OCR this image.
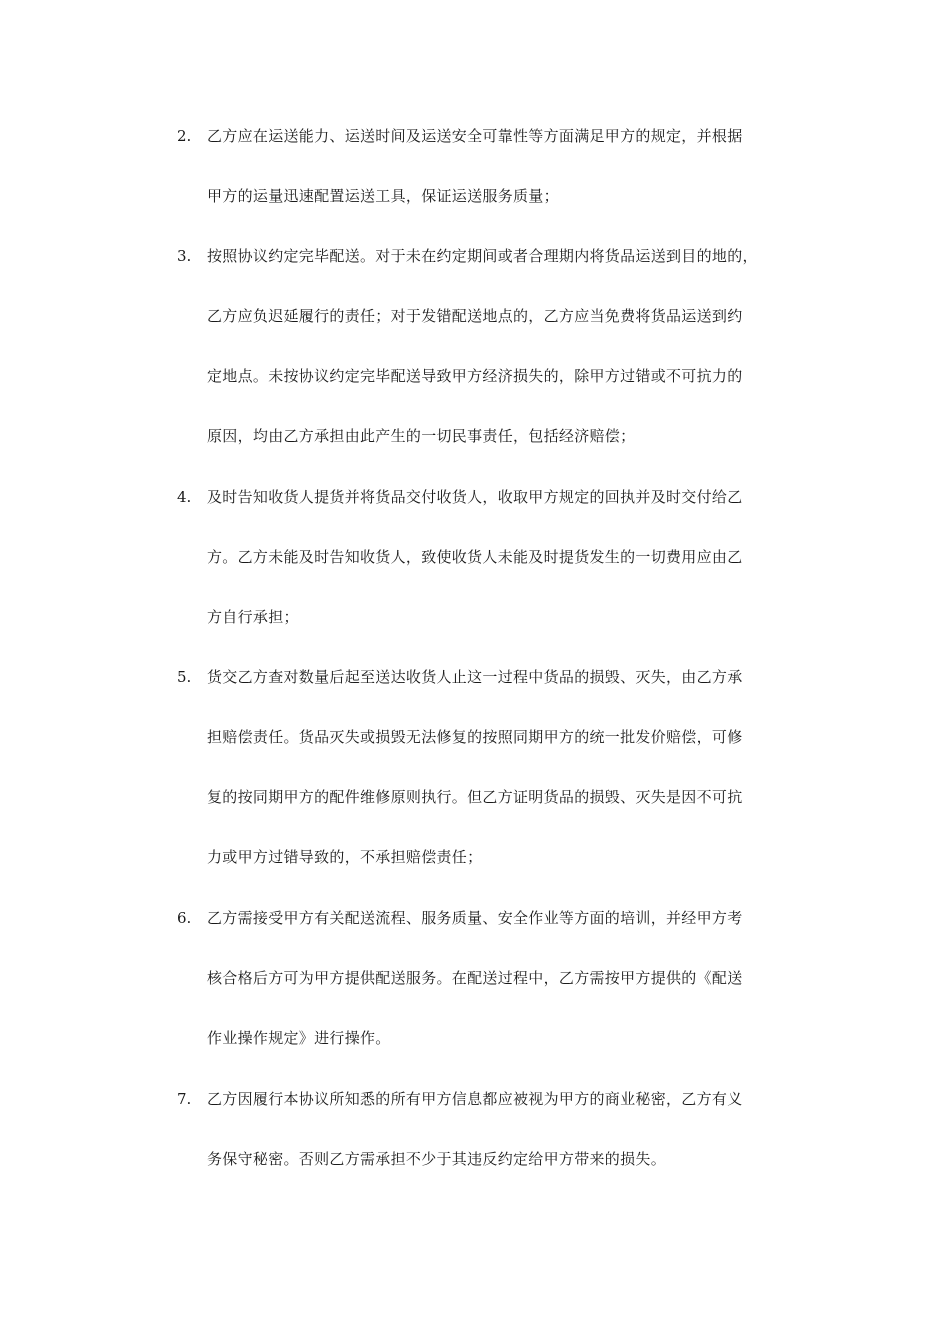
2. 乙方应在运送能力、运送时间及运送安全可靠性等方面满足甲方的规定，并根据
甲方的运量迅速配置运送工具，保证运送服务质量；
3. 按照协议约定完毕配送。对于未在约定期间或者合理期内将货品运送到目的地的，
乙方应负迟延履行的责任；对于发错配送地点的，乙方应当免费将货品运送到约
定地点。未按协议约定完毕配送导致甲方经济损失的，除甲方过错或不可抗力的
原因，均由乙方承担由此产生的一切民事责任，包括经济赔偿；
4. 及时告知收货人提货并将货品交付收货人，收取甲方规定的回执并及时交付给乙
方。乙方未能及时告知收货人，致使收货人未能及时提货发生的一切费用应由乙
方自行承担；
5. 货交乙方查对数量后起至送达收货人止这一过程中货品的损毁、灭失，由乙方承
担赔偿责任。货品灭失或损毁无法修复的按照同期甲方的统一批发价赔偿，可修
复的按同期甲方的配件维修原则执行。但乙方证明货品的损毁、灭失是因不可抗
力或甲方过错导致的，不承担赔偿责任；
6. 乙方需接受甲方有关配送流程、服务质量、安全作业等方面的培训，并经甲方考
核合格后方可为甲方提供配送服务。在配送过程中，乙方需按甲方提供的《配送
作业操作规定》进行操作。
7. 乙方因履行本协议所知悉的所有甲方信息都应被视为甲方的商业秘密，乙方有义
务保守秘密。否则乙方需承担不少于其违反约定给甲方带来的损失。
